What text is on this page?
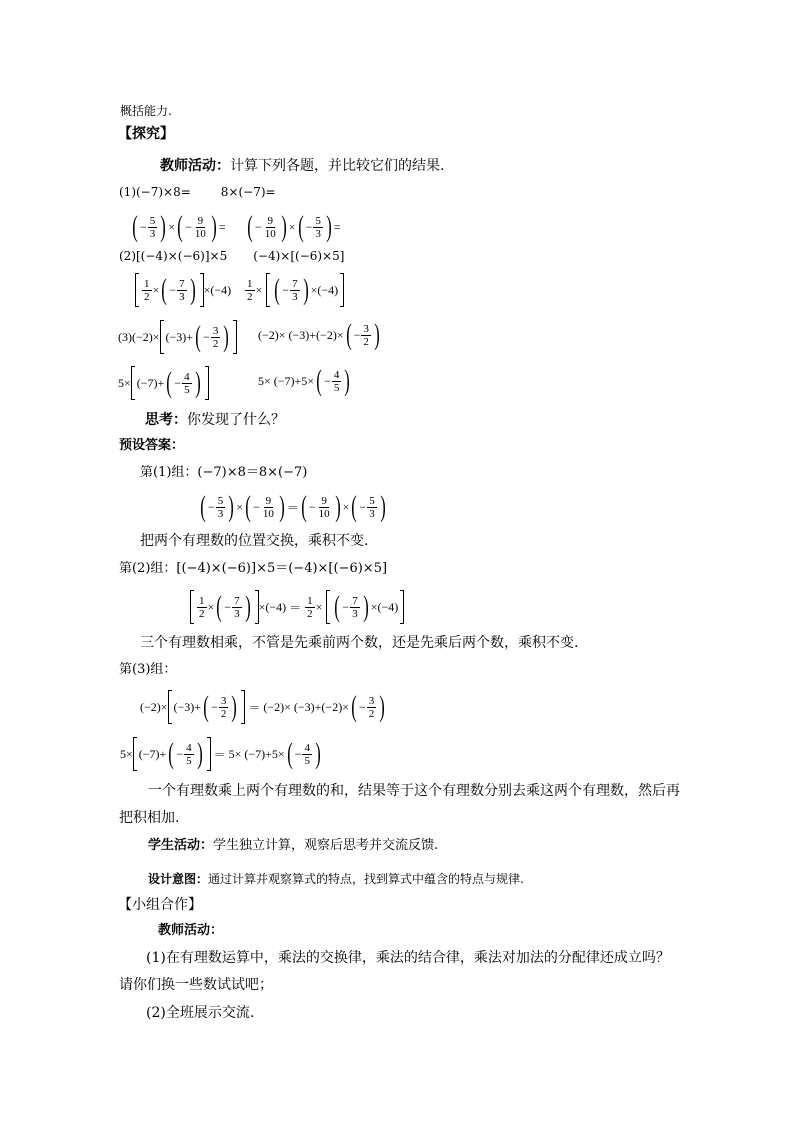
概括能力.
【探究】
教师活动：计算下列各题，并比较它们的结果.
(1)(−7)×8=	8×(−7)=
( − $\frac{5}{3}$ ) × ( − $\frac{9}{10}$ ) = ( − $\frac{9}{10}$ ) × ( − $\frac{5}{3}$ ) =
(2)[(−4)×(−6)]×5 (−4)×[(−6)×5]
$\frac{1}{2}$ × ( − $\frac{7}{3}$ ) × ( $-4) \frac{1}{2}$ × ( − $\frac{7}{3}$ ) × ( −4)
(3)(−2)× (−3) + ( − $\frac{3}{2}$ ) (−2)× (−3)+(−2)× ( − $\frac{3}{2}$ )
5× (−7) + ( − $\frac{4}{5}$ )	5× (−7)+5× ( − $\frac{4}{5}$ )
思考：你发现了什么？
预设答案：
第(1)组：(−7)×8＝8×(−7)
( − $\frac{5}{3}$ ) × ( − $\frac{9}{10}$ ) ＝ ( − $\frac{9}{10}$ ) × ( − $\frac{5}{3}$ )
把两个有理数的位置交换，乘积不变.
第(2)组：[(−4)×(−6)]×5＝(−4)×[(−6)×5]
$\frac{1}{2}$ × ( − $\frac{7}{3}$ ) × ( $-4) = \frac{1}{2}$ × ( − $\frac{7}{3}$ ) × ( −4)
三个有理数相乘，不管是先乘前两个数，还是先乘后两个数，乘积不变.
第(3)组：
(−2)× (−3) + ( − $\frac{3}{2}$ ) ＝ (−2)× (−3)+(−2)× ( − $\frac{3}{2}$ )
5× (−7) + ( − $\frac{4}{5}$ ) ＝ 5× (−7)+5× ( − $\frac{4}{5}$ )
一个有理数乘上两个有理数的和，结果等于这个有理数分别去乘这两个有理数，然后再
把积相加.
学生活动：学生独立计算，观察后思考并交流反馈.
设计意图：通过计算并观察算式的特点，找到算式中蕴含的特点与规律.
【小组合作】
教师活动：
(1)在有理数运算中，乘法的交换律，乘法的结合律，乘法对加法的分配律还成立吗？
请你们换一些数试试吧；
(2)全班展示交流.
